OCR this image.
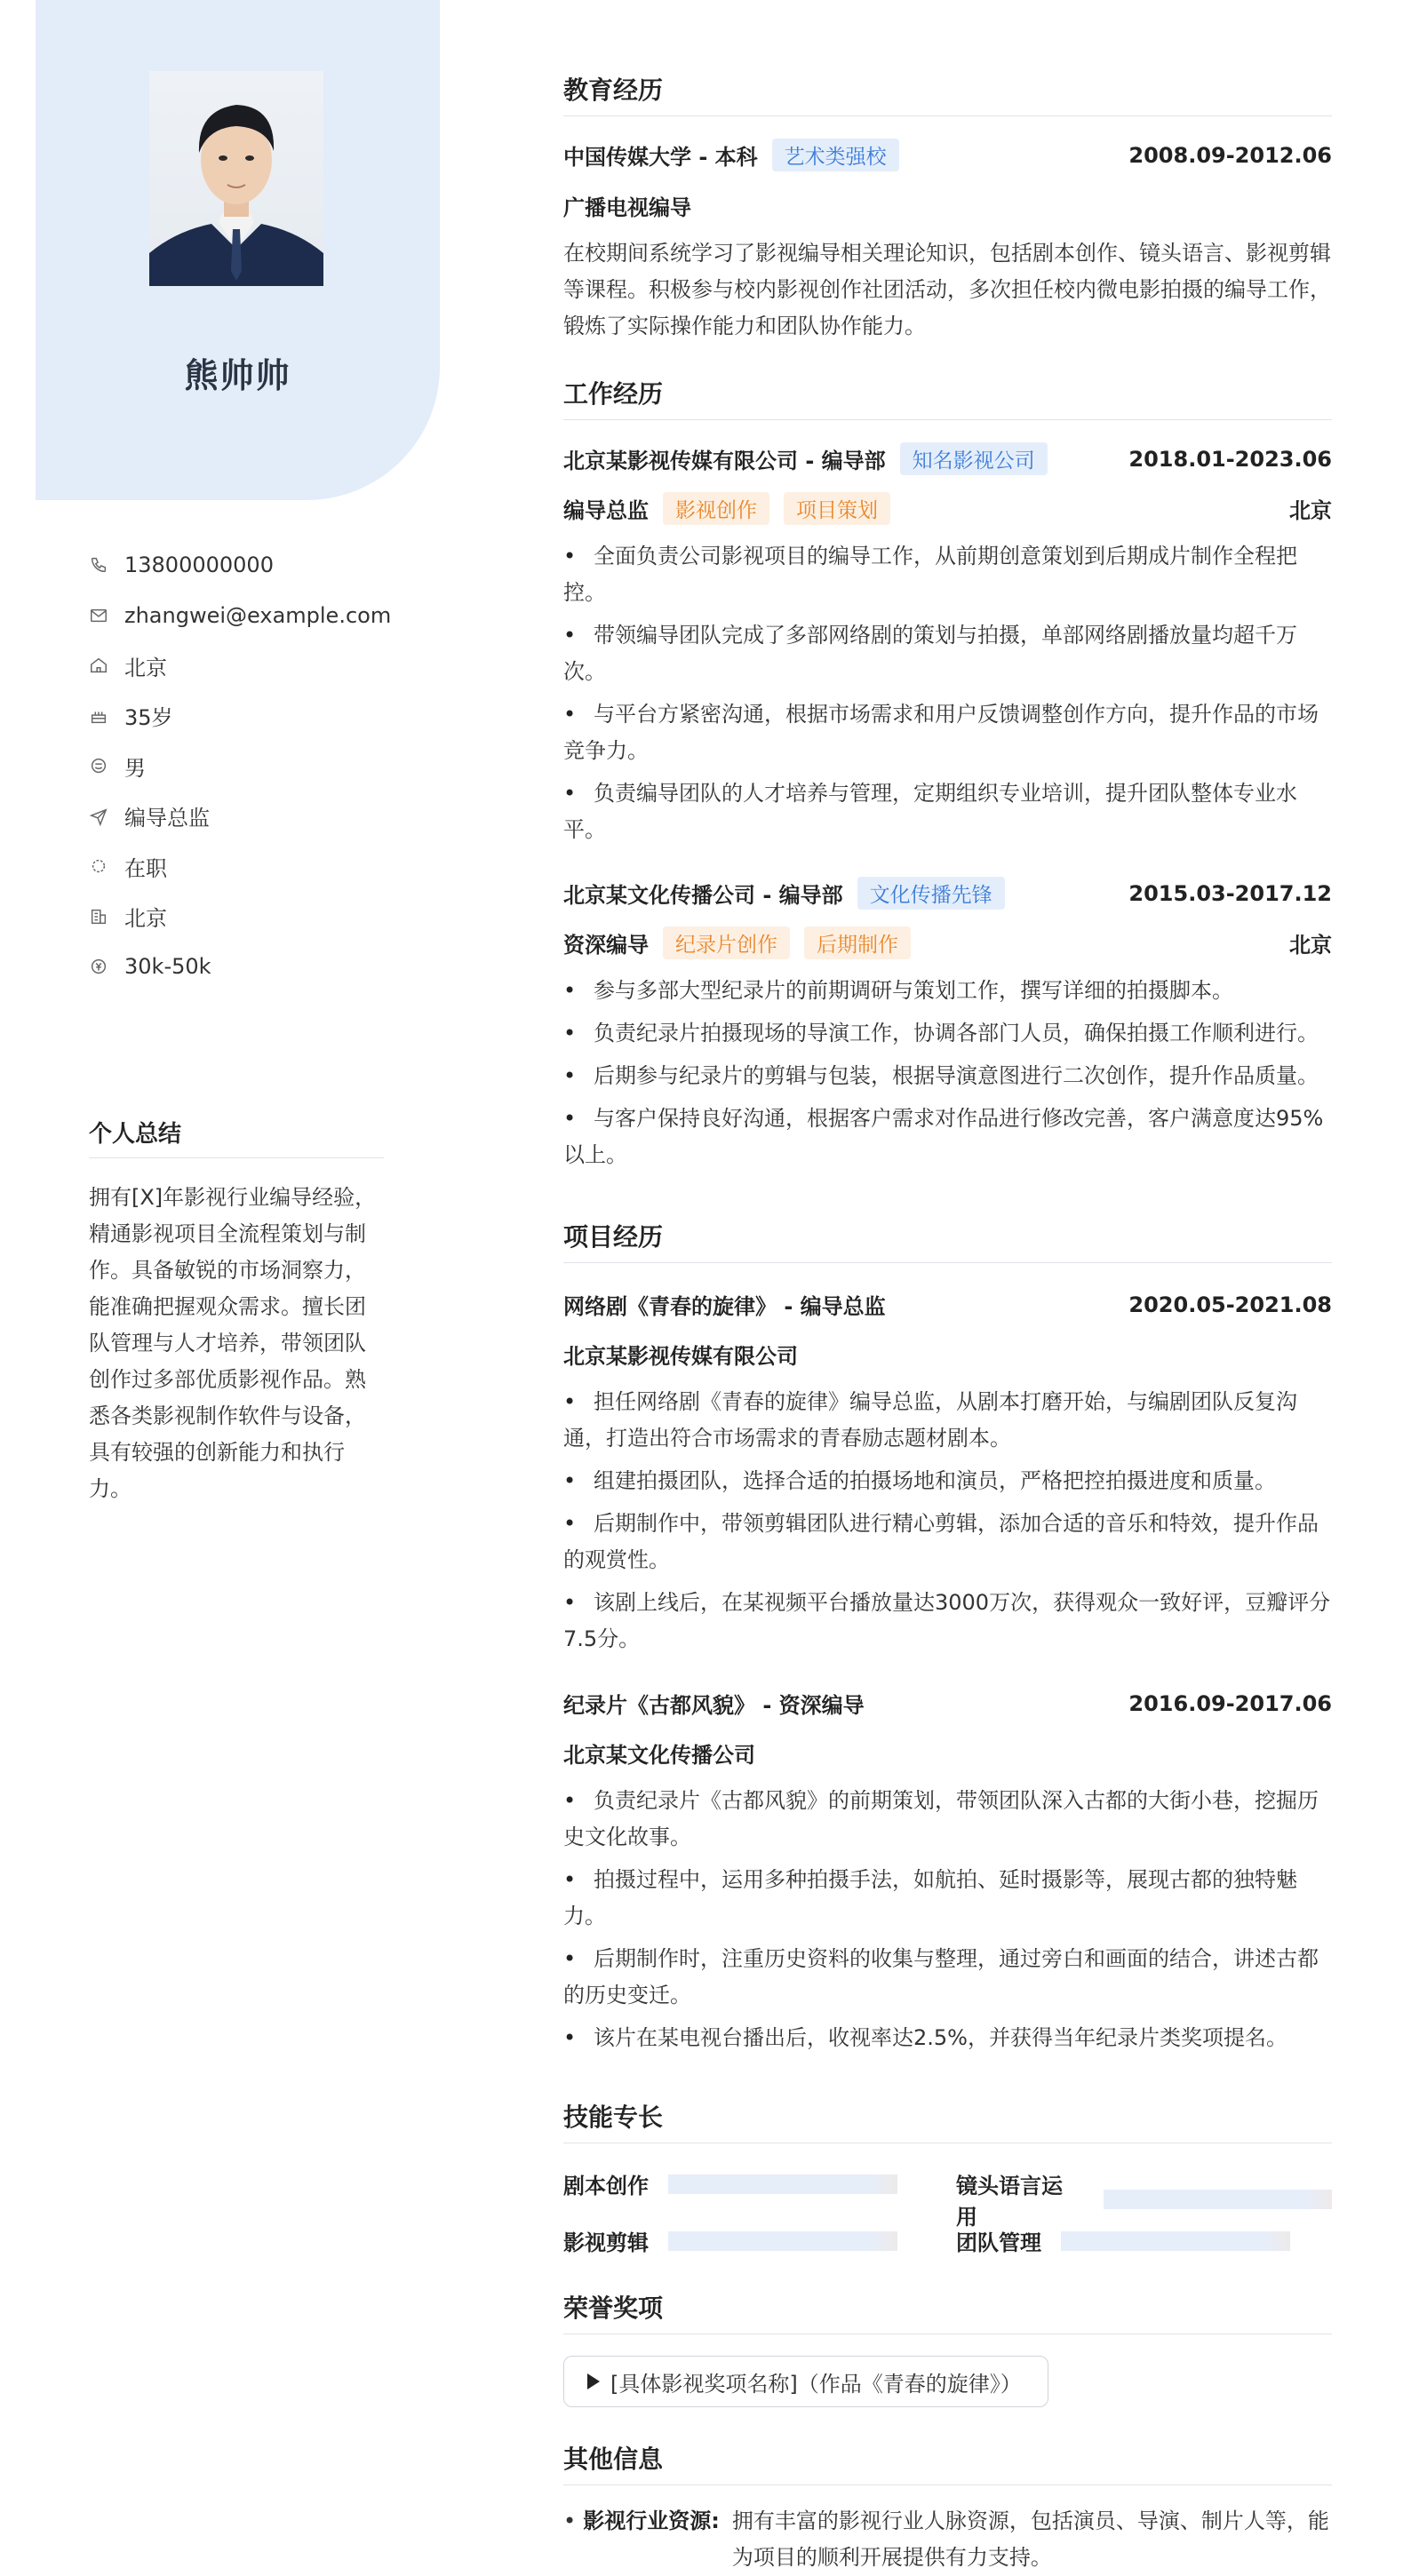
熊帅帅
13800000000
zhangwei@example.com
北京
35岁
男
编导总监
在职
北京
30k-50k
个人总结
拥有[X]年影视行业编导经验，精通影视项目全流程策划与制作。具备敏锐的市场洞察力，能准确把握观众需求。擅长团队管理与人才培养，带领团队创作过多部优质影视作品。熟悉各类影视制作软件与设备，具有较强的创新能力和执行力。
教育经历
中国传媒大学 - 本科	艺术类强校	2008.09-2012.06
广播电视编导
在校期间系统学习了影视编导相关理论知识，包括剧本创作、镜头语言、影视剪辑等课程。积极参与校内影视创作社团活动，多次担任校内微电影拍摄的编导工作，锻炼了实际操作能力和团队协作能力。
工作经历
北京某影视传媒有限公司 - 编导部	知名影视公司	2018.01-2023.06
编导总监	影视创作	项目策划	北京
• 全面负责公司影视项目的编导工作，从前期创意策划到后期成片制作全程把控。
• 带领编导团队完成了多部网络剧的策划与拍摄，单部网络剧播放量均超千万次。
• 与平台方紧密沟通，根据市场需求和用户反馈调整创作方向，提升作品的市场竞争力。
• 负责编导团队的人才培养与管理，定期组织专业培训，提升团队整体专业水平。
北京某文化传播公司 - 编导部	文化传播先锋	2015.03-2017.12
资深编导	纪录片创作	后期制作	北京
• 参与多部大型纪录片的前期调研与策划工作，撰写详细的拍摄脚本。
• 负责纪录片拍摄现场的导演工作，协调各部门人员，确保拍摄工作顺利进行。
• 后期参与纪录片的剪辑与包装，根据导演意图进行二次创作，提升作品质量。
• 与客户保持良好沟通，根据客户需求对作品进行修改完善，客户满意度达95%以上。
项目经历
网络剧《青春的旋律》 - 编导总监	2020.05-2021.08
北京某影视传媒有限公司
• 担任网络剧《青春的旋律》编导总监，从剧本打磨开始，与编剧团队反复沟通，打造出符合市场需求的青春励志题材剧本。
• 组建拍摄团队，选择合适的拍摄场地和演员，严格把控拍摄进度和质量。
• 后期制作中，带领剪辑团队进行精心剪辑，添加合适的音乐和特效，提升作品的观赏性。
• 该剧上线后，在某视频平台播放量达3000万次，获得观众一致好评，豆瓣评分7.5分。
纪录片《古都风貌》 - 资深编导	2016.09-2017.06
北京某文化传播公司
• 负责纪录片《古都风貌》的前期策划，带领团队深入古都的大街小巷，挖掘历史文化故事。
• 拍摄过程中，运用多种拍摄手法，如航拍、延时摄影等，展现古都的独特魅力。
• 后期制作时，注重历史资料的收集与整理，通过旁白和画面的结合，讲述古都的历史变迁。
• 该片在某电视台播出后，收视率达2.5%，并获得当年纪录片类奖项提名。
技能专长
剧本创作	镜头语言运用
影视剪辑	团队管理
荣誉奖项
[具体影视奖项名称]（作品《青春的旋律》）
其他信息
• 影视行业资源: 拥有丰富的影视行业人脉资源，包括演员、导演、制片人等，能为项目的顺利开展提供有力支持。
